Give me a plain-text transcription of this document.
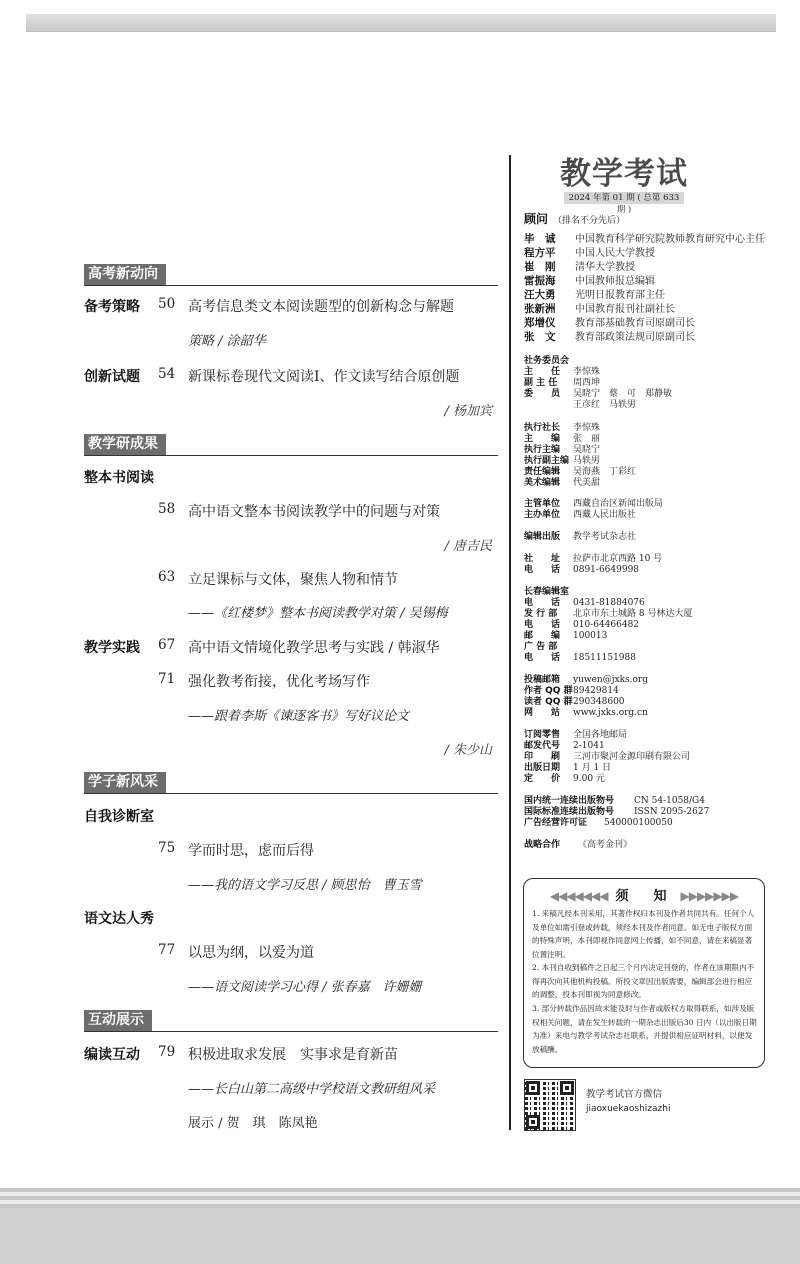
高考新动向
备考策略 50 高考信息类文本阅读题型的创新构念与解题
策略 / 涂韶华
创新试题 54 新课标卷现代文阅读Ⅰ、作文读写结合原创题
/ 杨加宾
教学研成果
整本书阅读
58 高中语文整本书阅读教学中的问题与对策
/ 唐吉民
63 立足课标与文体，聚焦人物和情节
——《红楼梦》整本书阅读教学对策 / 吴锡梅
教学实践 67 高中语文情境化教学思考与实践 / 韩淑华
71 强化教考衔接，优化考场写作
——跟着李斯《谏逐客书》写好议论文
/ 朱少山
学子新风采
自我诊断室
75 学而时思，虑而后得
——我的语文学习反思 / 顾思怡　曹玉雪
语文达人秀
77 以思为纲，以爱为道
——语文阅读学习心得 / 张春嘉　许姗姗
互动展示
编读互动 79 积极进取求发展　实事求是育新苗
——长白山第二高级中学校语文教研组风采
展示 / 贺　琪　陈凤艳
教学考试
2024 年第 01 期 ( 总第 633 期 )
顾问 （排名不分先后）
毕　诚 中国教育科学研究院教师教育研究中心主任
程方平 中国人民大学教授
崔　刚 清华大学教授
雷振海 中国教师报总编辑
汪大勇 光明日报教育部主任
张新洲 中国教育报刊社副社长
郑增仪 教育部基础教育司原副司长
张　文 教育部政策法规司原副司长
社务委员会
主　　任 李惊殊
副 主 任 周西坤
委　　员 吴晓宁　蔡　可　郑静敏
王彦红　马轶男
执行社长 李惊殊
主　　编 张　丽
执行主编 吴晓宁
执行副主编 马轶男
责任编辑 吴海燕　丁彩红
美术编辑 代美甜
主管单位 西藏自治区新闻出版局
主办单位 西藏人民出版社
编辑出版 教学考试杂志社
社　　址 拉萨市北京西路 10 号
电　　话 0891-6649998
长春编辑室
电　　话 0431-81884076
发 行 部 北京市东土城路 8 号林达大厦
电　　话 010-64466482
邮　　编 100013
广 告 部
电　　话 18511151988
投稿邮箱 yuwen@jxks.org
作者 QQ 群 89429814
读者 QQ 群 290348600
网　　站 www.jxks.org.cn
订阅零售 全国各地邮局
邮发代号 2-1041
印　　刷 三河市聚河金源印刷有限公司
出版日期 1 月 1 日
定　　价 9.00 元
国内统一连续出版物号 CN 54-1058/G4
国际标准连续出版物号 ISSN 2095-2627
广告经营许可证 540000100050
战略合作 《高考金刊》
◀◀◀◀◀◀◀ 须　知 ▶▶▶▶▶▶▶

1. 来稿凡经本刊采用，其著作权归本刊及作者共同共有。任何个人及单位如需引登或转载，须经本刊及作者同意。如无电子版权方面的特殊声明，本刊即视作同意网上传播，如不同意，请在来稿显著位置注明。

2. 本刊自收到稿件之日起三个月内决定刊登的，作者在该期限内不得再次向其他机构投稿。所投文章因出版需要，编辑部会进行相应的调整，投本刊即视为同意修改。

3. 部分转载作品因故未能及时与作者或版权方取得联系，如涉及版权相关问题，请在发生转载的一期杂志出版后30 日内（以出版日期为准）来电与教学考试杂志社联系，并提供相应证明材料，以便发放稿酬。

教学考试官方微信
jiaoxuekaoshizazhi
